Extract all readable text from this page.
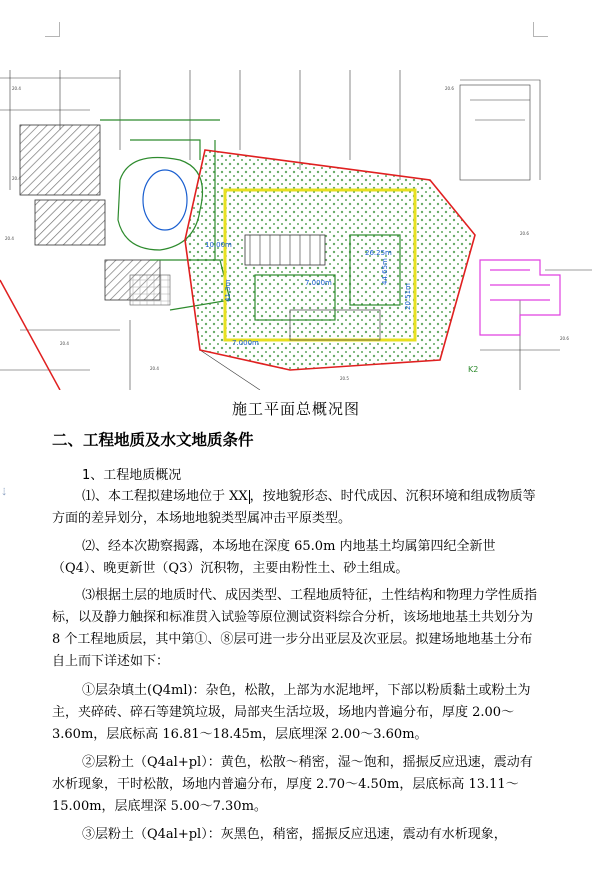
10.00m
41.3m
26.25m
20.51m
7.000m
7.000m	44.65m
K2
20.4
20.4
20.4
20.4
20.6
20.6
20.6
20.4
20.5
施工平面总概况图
二、工程地质及水文地质条件
1、工程地质概况
⇣	⑴、本工程拟建场地位于 XX ，按地貌形态、时代成因、沉积环境和组成物质等方面的差异划分，本场地地貌类型属冲击平原类型。

⑵、经本次勘察揭露，本场地在深度 65.0m 内地基土均属第四纪全新世（Q4）、晚更新世（Q3）沉积物，主要由粉性土、砂土组成。

⑶根据土层的地质时代、成因类型、工程地质特征，土性结构和物理力学性质指标，以及静力触探和标准贯入试验等原位测试资料综合分析，该场地地基土共划分为 8 个工程地质层，其中第①、⑧层可进一步分出亚层及次亚层。拟建场地地基土分布自上而下详述如下：

①层杂填土(Q4ml)：杂色，松散，上部为水泥地坪，下部以粉质黏土或粉土为主，夹碎砖、碎石等建筑垃圾，局部夹生活垃圾，场地内普遍分布，厚度 2.00～3.60m，层底标高 16.81～18.45m，层底埋深 2.00～3.60m。

②层粉土（Q4al+pl）：黄色，松散～稍密，湿～饱和，摇振反应迅速，震动有水析现象，干时松散，场地内普遍分布，厚度 2.70～4.50m，层底标高 13.11～15.00m，层底埋深 5.00～7.30m。

③层粉土（Q4al+pl）：灰黑色，稍密，摇振反应迅速，震动有水析现象，
